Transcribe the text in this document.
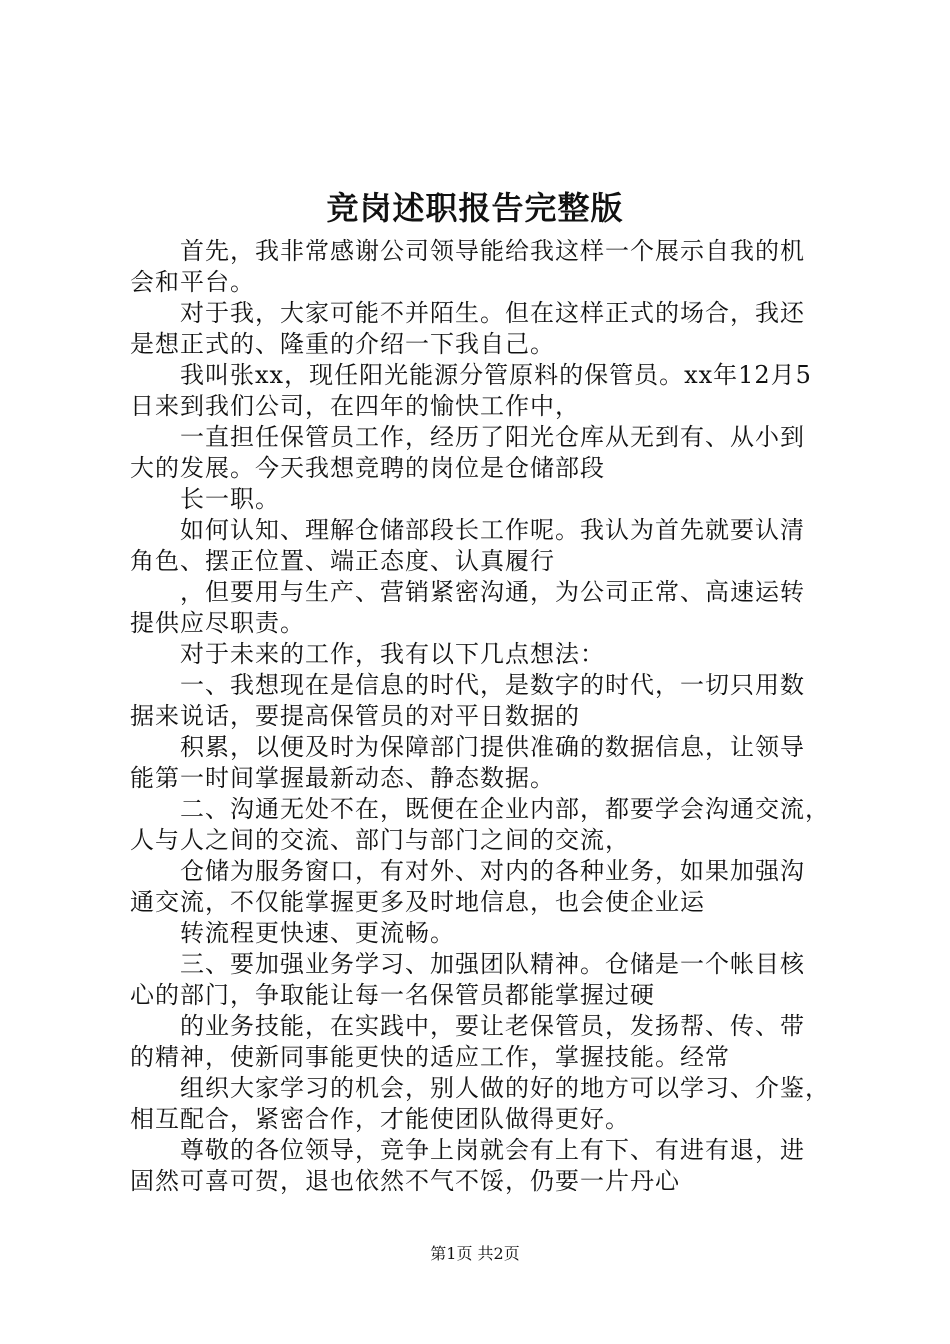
竞岗述职报告完整版
首先，我非常感谢公司领导能给我这样一个展示自我的机
会和平台。
对于我，大家可能不并陌生。但在这样正式的场合，我还
是想正式的、隆重的介绍一下我自己。
我叫张xx，现任阳光能源分管原料的保管员。xx年12月5
日来到我们公司，在四年的愉快工作中，
一直担任保管员工作，经历了阳光仓库从无到有、从小到
大的发展。今天我想竞聘的岗位是仓储部段
长一职。
如何认知、理解仓储部段长工作呢。我认为首先就要认清
角色、摆正位置、端正态度、认真履行
，但要用与生产、营销紧密沟通，为公司正常、高速运转
提供应尽职责。
对于未来的工作，我有以下几点想法：
一、我想现在是信息的时代，是数字的时代，一切只用数
据来说话，要提高保管员的对平日数据的
积累，以便及时为保障部门提供准确的数据信息，让领导
能第一时间掌握最新动态、静态数据。
二、沟通无处不在，既便在企业内部，都要学会沟通交流，
人与人之间的交流、部门与部门之间的交流，
仓储为服务窗口，有对外、对内的各种业务，如果加强沟
通交流，不仅能掌握更多及时地信息，也会使企业运
转流程更快速、更流畅。
三、要加强业务学习、加强团队精神。仓储是一个帐目核
心的部门，争取能让每一名保管员都能掌握过硬
的业务技能，在实践中，要让老保管员，发扬帮、传、带
的精神，使新同事能更快的适应工作，掌握技能。经常
组织大家学习的机会，别人做的好的地方可以学习、介鉴，
相互配合，紧密合作，才能使团队做得更好。
尊敬的各位领导，竞争上岗就会有上有下、有进有退，进
固然可喜可贺，退也依然不气不馁，仍要一片丹心
第1页 共2页
